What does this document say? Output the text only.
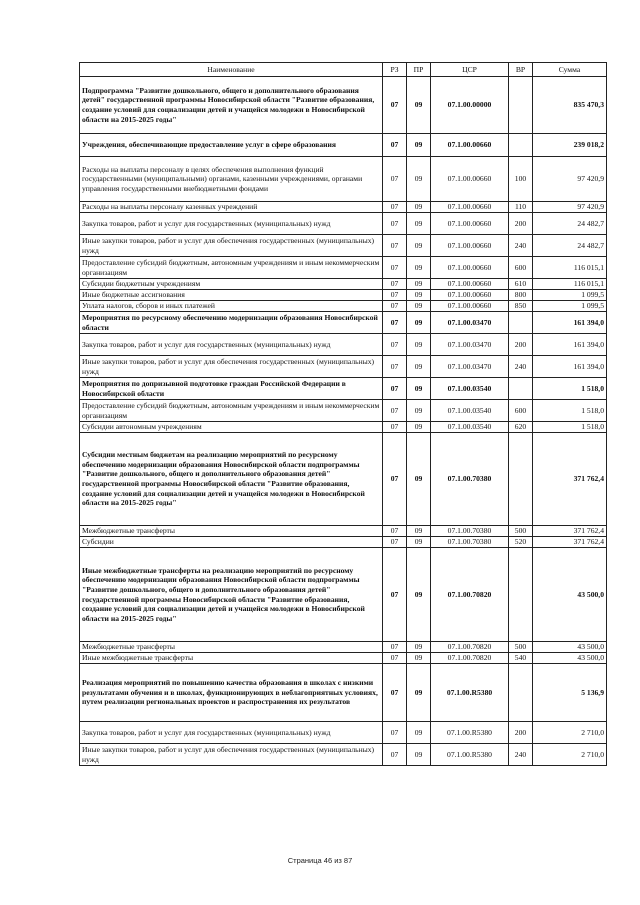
Наименование	РЗ	ПР	ЦСР	ВР	Сумма
Подпрограмма "Развитие дошкольного, общего и дополнительного образования детей" государственной программы Новосибирской области "Развитие образования, создание условий для социализации детей и учащейся молодежи в Новосибирской области на 2015-2025 годы"	07	09	07.1.00.00000		835 470,3
Учреждения, обеспечивающие предоставление услуг в сфере образования	07	09	07.1.00.00660		239 018,2
Расходы на выплаты персоналу в целях обеспечения выполнения функций государственными (муниципальными) органами, казенными учреждениями, органами управления государственными внебюджетными фондами	07	09	07.1.00.00660	100	97 420,9
Расходы на выплаты персоналу казенных учреждений	07	09	07.1.00.00660	110	97 420,9
Закупка товаров, работ и услуг для государственных (муниципальных) нужд	07	09	07.1.00.00660	200	24 482,7
Иные закупки товаров, работ и услуг для обеспечения государственных (муниципальных) нужд	07	09	07.1.00.00660	240	24 482,7
Предоставление субсидий бюджетным, автономным учреждениям и иным некоммерческим организациям	07	09	07.1.00.00660	600	116 015,1
Субсидии бюджетным учреждениям	07	09	07.1.00.00660	610	116 015,1
Иные бюджетные ассигнования	07	09	07.1.00.00660	800	1 099,5
Уплата налогов, сборов и иных платежей	07	09	07.1.00.00660	850	1 099,5
Мероприятия по ресурсному обеспечению модернизации образования Новосибирской области	07	09	07.1.00.03470		161 394,0
Закупка товаров, работ и услуг для государственных (муниципальных) нужд	07	09	07.1.00.03470	200	161 394,0
Иные закупки товаров, работ и услуг для обеспечения государственных (муниципальных) нужд	07	09	07.1.00.03470	240	161 394,0
Мероприятия по допризывной подготовке граждан Российской Федерации в Новосибирской области	07	09	07.1.00.03540		1 518,0
Предоставление субсидий бюджетным, автономным учреждениям и иным некоммерческим организациям	07	09	07.1.00.03540	600	1 518,0
Субсидии автономным учреждениям	07	09	07.1.00.03540	620	1 518,0
Субсидии местным бюджетам на реализацию мероприятий по ресурсному обеспечению модернизации образования Новосибирской области подпрограммы "Развитие дошкольного, общего и дополнительного образования детей" государственной программы Новосибирской области "Развитие образования, создание условий для социализации детей и учащейся молодежи в Новосибирской области на 2015-2025 годы"	07	09	07.1.00.70380		371 762,4
Межбюджетные трансферты	07	09	07.1.00.70380	500	371 762,4
Субсидии	07	09	07.1.00.70380	520	371 762,4
Иные межбюджетные трансферты на реализацию мероприятий по ресурсному обеспечению модернизации образования Новосибирской области подпрограммы "Развитие дошкольного, общего и дополнительного образования детей" государственной программы Новосибирской области "Развитие образования, создание условий для социализации детей и учащейся молодежи в Новосибирской области на 2015-2025 годы"	07	09	07.1.00.70820		43 500,0
Межбюджетные трансферты	07	09	07.1.00.70820	500	43 500,0
Иные межбюджетные трансферты	07	09	07.1.00.70820	540	43 500,0
Реализация мероприятий по повышению качества образования в школах с низкими результатами обучения и в школах, функционирующих в неблагоприятных условиях, путем реализации региональных проектов и распространения их результатов	07	09	07.1.00.R5380		5 136,9
Закупка товаров, работ и услуг для государственных (муниципальных) нужд	07	09	07.1.00.R5380	200	2 710,0
Иные закупки товаров, работ и услуг для обеспечения государственных (муниципальных) нужд	07	09	07.1.00.R5380	240	2 710,0
Страница 46 из 87
